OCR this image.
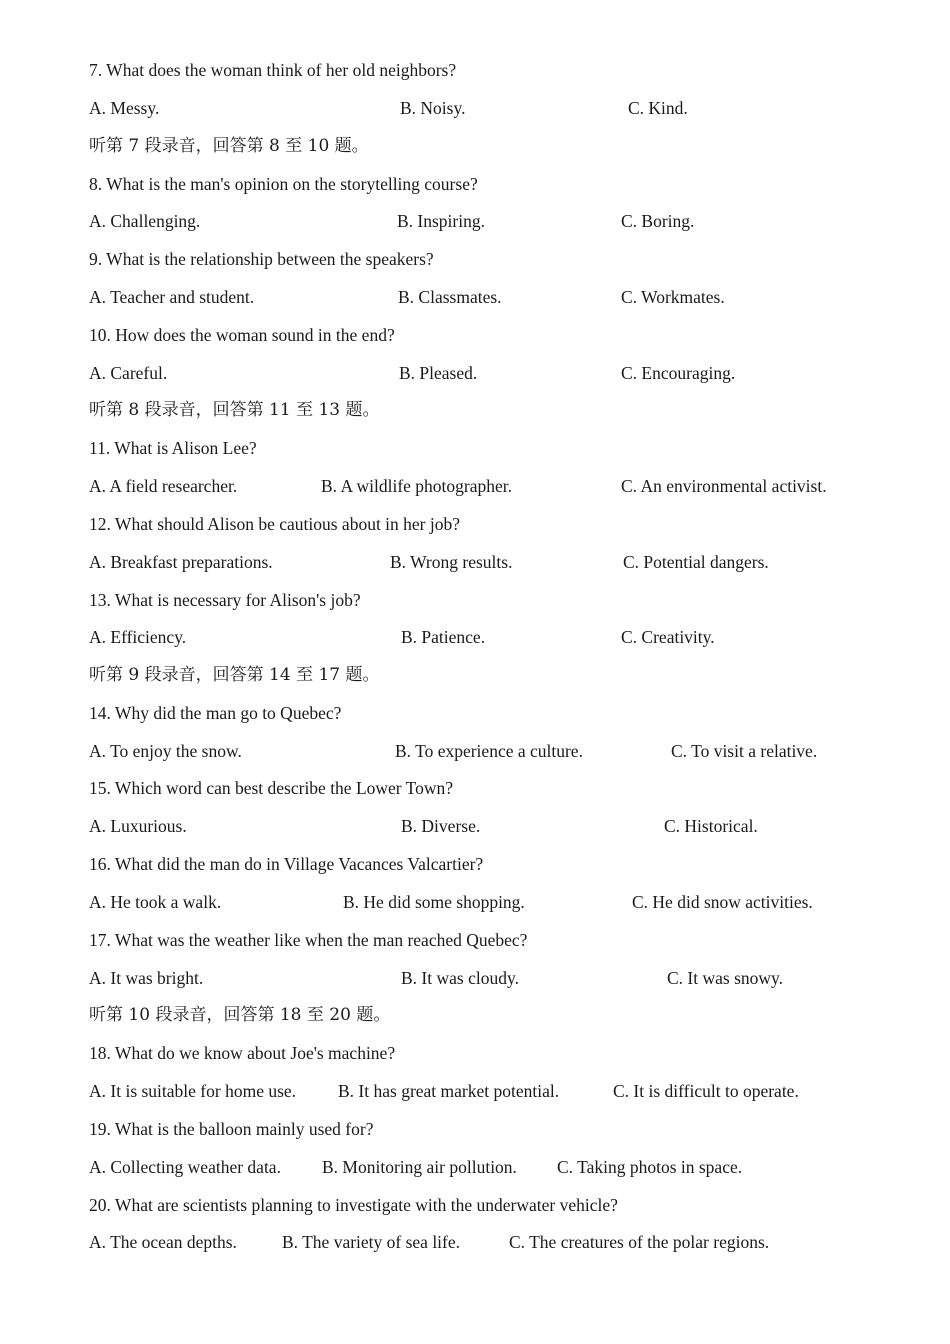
7. What does the woman think of her old neighbors?
A. Messy.	B. Noisy.	C. Kind.
听第 7 段录音，回答第 8 至 10 题。
8. What is the man's opinion on the storytelling course?
A. Challenging.	B. Inspiring.	C. Boring.
9. What is the relationship between the speakers?
A. Teacher and student.	B. Classmates.	C. Workmates.
10. How does the woman sound in the end?
A. Careful.	B. Pleased.	C. Encouraging.
听第 8 段录音，回答第 11 至 13 题。
11. What is Alison Lee?
A. A field researcher.	B. A wildlife photographer.	C. An environmental activist.
12. What should Alison be cautious about in her job?
A. Breakfast preparations.	B. Wrong results.	C. Potential dangers.
13. What is necessary for Alison's job?
A. Efficiency.	B. Patience.	C. Creativity.
听第 9 段录音，回答第 14 至 17 题。
14. Why did the man go to Quebec?
A. To enjoy the snow.	B. To experience a culture.	C. To visit a relative.
15. Which word can best describe the Lower Town?
A. Luxurious.	B. Diverse.	C. Historical.
16. What did the man do in Village Vacances Valcartier?
A. He took a walk.	B. He did some shopping.	C. He did snow activities.
17. What was the weather like when the man reached Quebec?
A. It was bright.	B. It was cloudy.	C. It was snowy.
听第 10 段录音，回答第 18 至 20 题。
18. What do we know about Joe's machine?
A. It is suitable for home use. B. It has great market potential.	C. It is difficult to operate.
19. What is the balloon mainly used for?
A. Collecting weather data. B. Monitoring air pollution. C. Taking photos in space.
20. What are scientists planning to investigate with the underwater vehicle?
A. The ocean depths.	B. The variety of sea life.	C. The creatures of the polar regions.
